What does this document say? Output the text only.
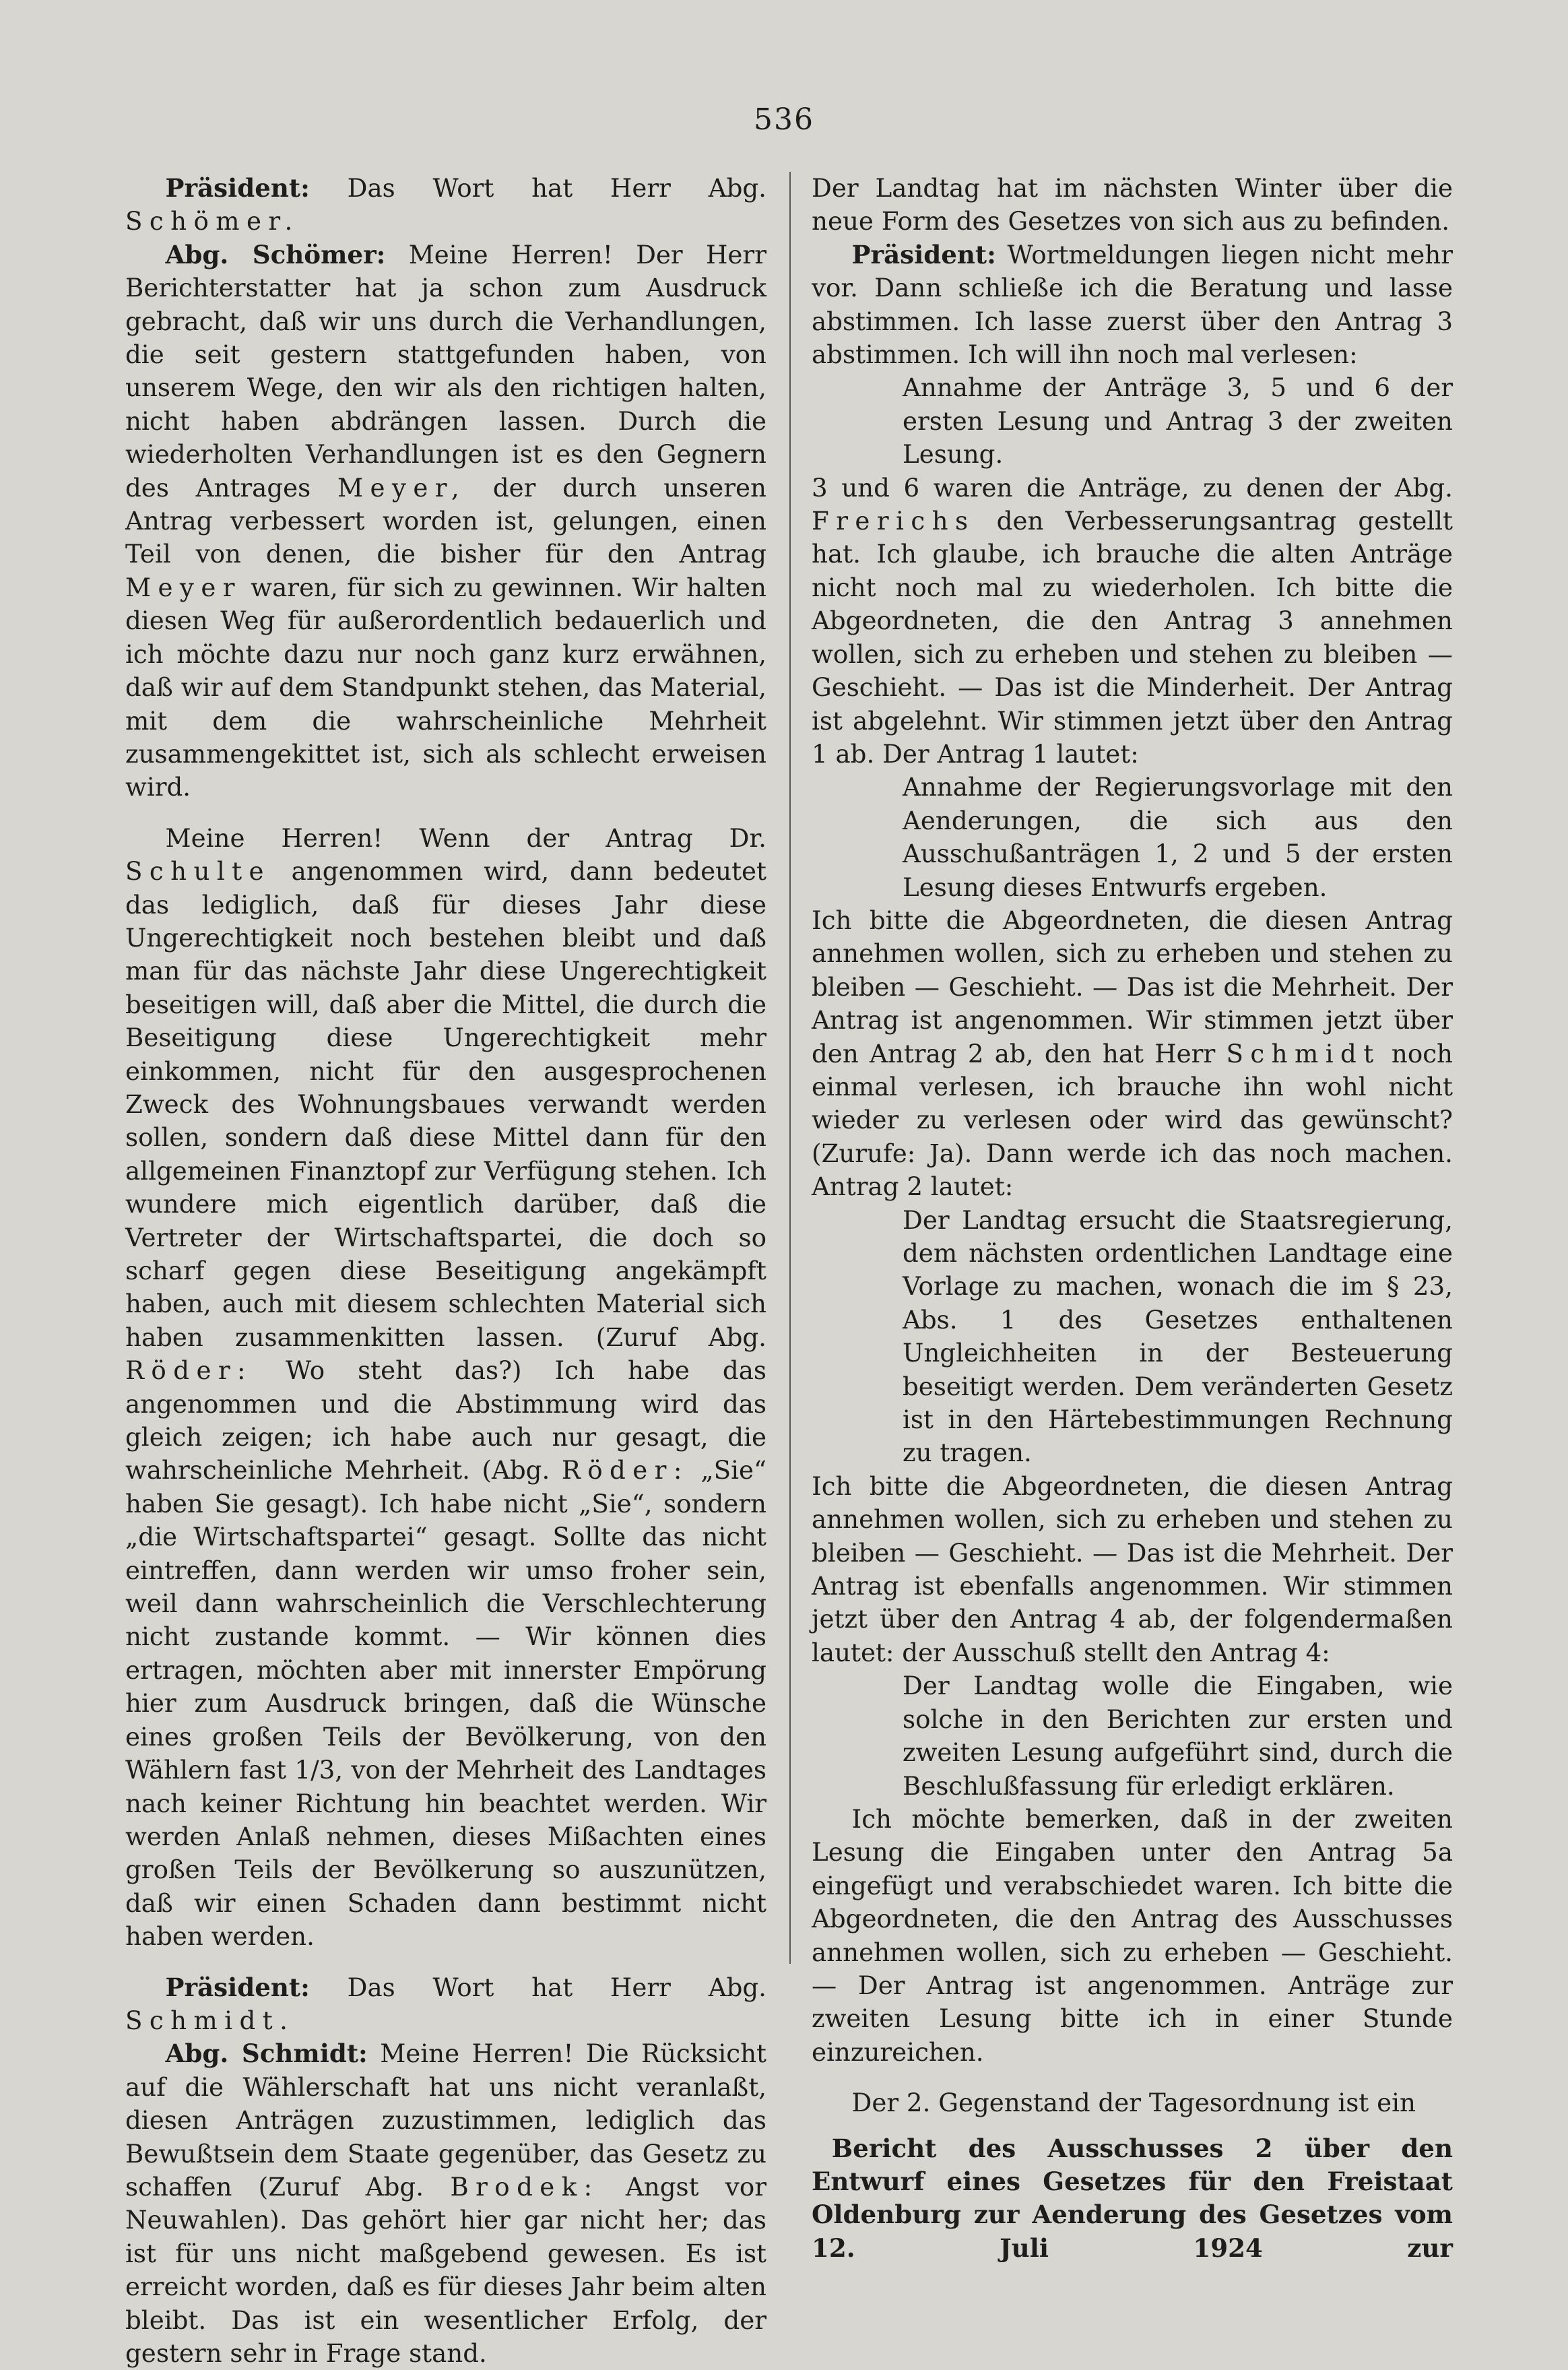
536

Präsident: Das Wort hat Herr Abg. Schömer.

Abg. Schömer: Meine Herren! Der Herr Berichterstatter hat ja schon zum Ausdruck gebracht, daß wir uns durch die Verhandlungen, die seit gestern stattgefunden haben, von unserem Wege, den wir als den richtigen halten, nicht haben abdrängen lassen. Durch die wiederholten Verhandlungen ist es den Gegnern des Antrages Meyer, der durch unseren Antrag verbessert worden ist, gelungen, einen Teil von denen, die bisher für den Antrag Meyer waren, für sich zu gewinnen. Wir halten diesen Weg für außerordentlich bedauerlich und ich möchte dazu nur noch ganz kurz erwähnen, daß wir auf dem Standpunkt stehen, das Material, mit dem die wahrscheinliche Mehrheit zusammengekittet ist, sich als schlecht erweisen wird.

Meine Herren! Wenn der Antrag Dr. Schulte angenommen wird, dann bedeutet das lediglich, daß für dieses Jahr diese Ungerechtigkeit noch bestehen bleibt und daß man für das nächste Jahr diese Ungerechtigkeit beseitigen will, daß aber die Mittel, die durch die Beseitigung diese Ungerechtigkeit mehr einkommen, nicht für den ausgesprochenen Zweck des Wohnungsbaues verwandt werden sollen, sondern daß diese Mittel dann für den allgemeinen Finanztopf zur Verfügung stehen. Ich wundere mich eigentlich darüber, daß die Vertreter der Wirtschaftspartei, die doch so scharf gegen diese Beseitigung angekämpft haben, auch mit diesem schlechten Material sich haben zusammenkitten lassen. (Zuruf Abg. Röder: Wo steht das?) Ich habe das angenommen und die Abstimmung wird das gleich zeigen; ich habe auch nur gesagt, die wahrscheinliche Mehrheit. (Abg. Röder: „Sie“ haben Sie gesagt). Ich habe nicht „Sie“, sondern „die Wirtschaftspartei“ gesagt. Sollte das nicht eintreffen, dann werden wir umso froher sein, weil dann wahrscheinlich die Verschlechterung nicht zustande kommt. — Wir können dies ertragen, möchten aber mit innerster Empörung hier zum Ausdruck bringen, daß die Wünsche eines großen Teils der Bevölkerung, von den Wählern fast 1/3, von der Mehrheit des Landtages nach keiner Richtung hin beachtet werden. Wir werden Anlaß nehmen, dieses Mißachten eines großen Teils der Bevölkerung so auszunützen, daß wir einen Schaden dann bestimmt nicht haben werden.

Präsident: Das Wort hat Herr Abg. Schmidt.

Abg. Schmidt: Meine Herren! Die Rücksicht auf die Wählerschaft hat uns nicht veranlaßt, diesen Anträgen zuzustimmen, lediglich das Bewußtsein dem Staate gegenüber, das Gesetz zu schaffen (Zuruf Abg. Brodek: Angst vor Neuwahlen). Das gehört hier gar nicht her; das ist für uns nicht maßgebend gewesen. Es ist erreicht worden, daß es für dieses Jahr beim alten bleibt. Das ist ein wesentlicher Erfolg, der gestern sehr in Frage stand.

Der Landtag hat im nächsten Winter über die neue Form des Gesetzes von sich aus zu befinden.

Präsident: Wortmeldungen liegen nicht mehr vor. Dann schließe ich die Beratung und lasse abstimmen. Ich lasse zuerst über den Antrag 3 abstimmen. Ich will ihn noch mal verlesen:

Annahme der Anträge 3, 5 und 6 der ersten Lesung und Antrag 3 der zweiten Lesung.

3 und 6 waren die Anträge, zu denen der Abg. Frerichs den Verbesserungsantrag gestellt hat. Ich glaube, ich brauche die alten Anträge nicht noch mal zu wiederholen. Ich bitte die Abgeordneten, die den Antrag 3 annehmen wollen, sich zu erheben und stehen zu bleiben — Geschieht. — Das ist die Minderheit. Der Antrag ist abgelehnt. Wir stimmen jetzt über den Antrag 1 ab. Der Antrag 1 lautet:

Annahme der Regierungsvorlage mit den Aenderungen, die sich aus den Ausschußanträgen 1, 2 und 5 der ersten Lesung dieses Entwurfs ergeben.

Ich bitte die Abgeordneten, die diesen Antrag annehmen wollen, sich zu erheben und stehen zu bleiben — Geschieht. — Das ist die Mehrheit. Der Antrag ist angenommen. Wir stimmen jetzt über den Antrag 2 ab, den hat Herr Schmidt noch einmal verlesen, ich brauche ihn wohl nicht wieder zu verlesen oder wird das gewünscht? (Zurufe: Ja). Dann werde ich das noch machen. Antrag 2 lautet:

Der Landtag ersucht die Staatsregierung, dem nächsten ordentlichen Landtage eine Vorlage zu machen, wonach die im § 23, Abs. 1 des Gesetzes enthaltenen Ungleichheiten in der Besteuerung beseitigt werden. Dem veränderten Gesetz ist in den Härtebestimmungen Rechnung zu tragen.

Ich bitte die Abgeordneten, die diesen Antrag annehmen wollen, sich zu erheben und stehen zu bleiben — Geschieht. — Das ist die Mehrheit. Der Antrag ist ebenfalls angenommen. Wir stimmen jetzt über den Antrag 4 ab, der folgendermaßen lautet: der Ausschuß stellt den Antrag 4:

Der Landtag wolle die Eingaben, wie solche in den Berichten zur ersten und zweiten Lesung aufgeführt sind, durch die Beschlußfassung für erledigt erklären.

Ich möchte bemerken, daß in der zweiten Lesung die Eingaben unter den Antrag 5a eingefügt und verabschiedet waren. Ich bitte die Abgeordneten, die den Antrag des Ausschusses annehmen wollen, sich zu erheben — Geschieht. — Der Antrag ist angenommen. Anträge zur zweiten Lesung bitte ich in einer Stunde einzureichen.

Der 2. Gegenstand der Tagesordnung ist ein

Bericht des Ausschusses 2 über den Entwurf eines Gesetzes für den Freistaat Oldenburg zur Aenderung des Gesetzes vom 12. Juli 1924 zur
